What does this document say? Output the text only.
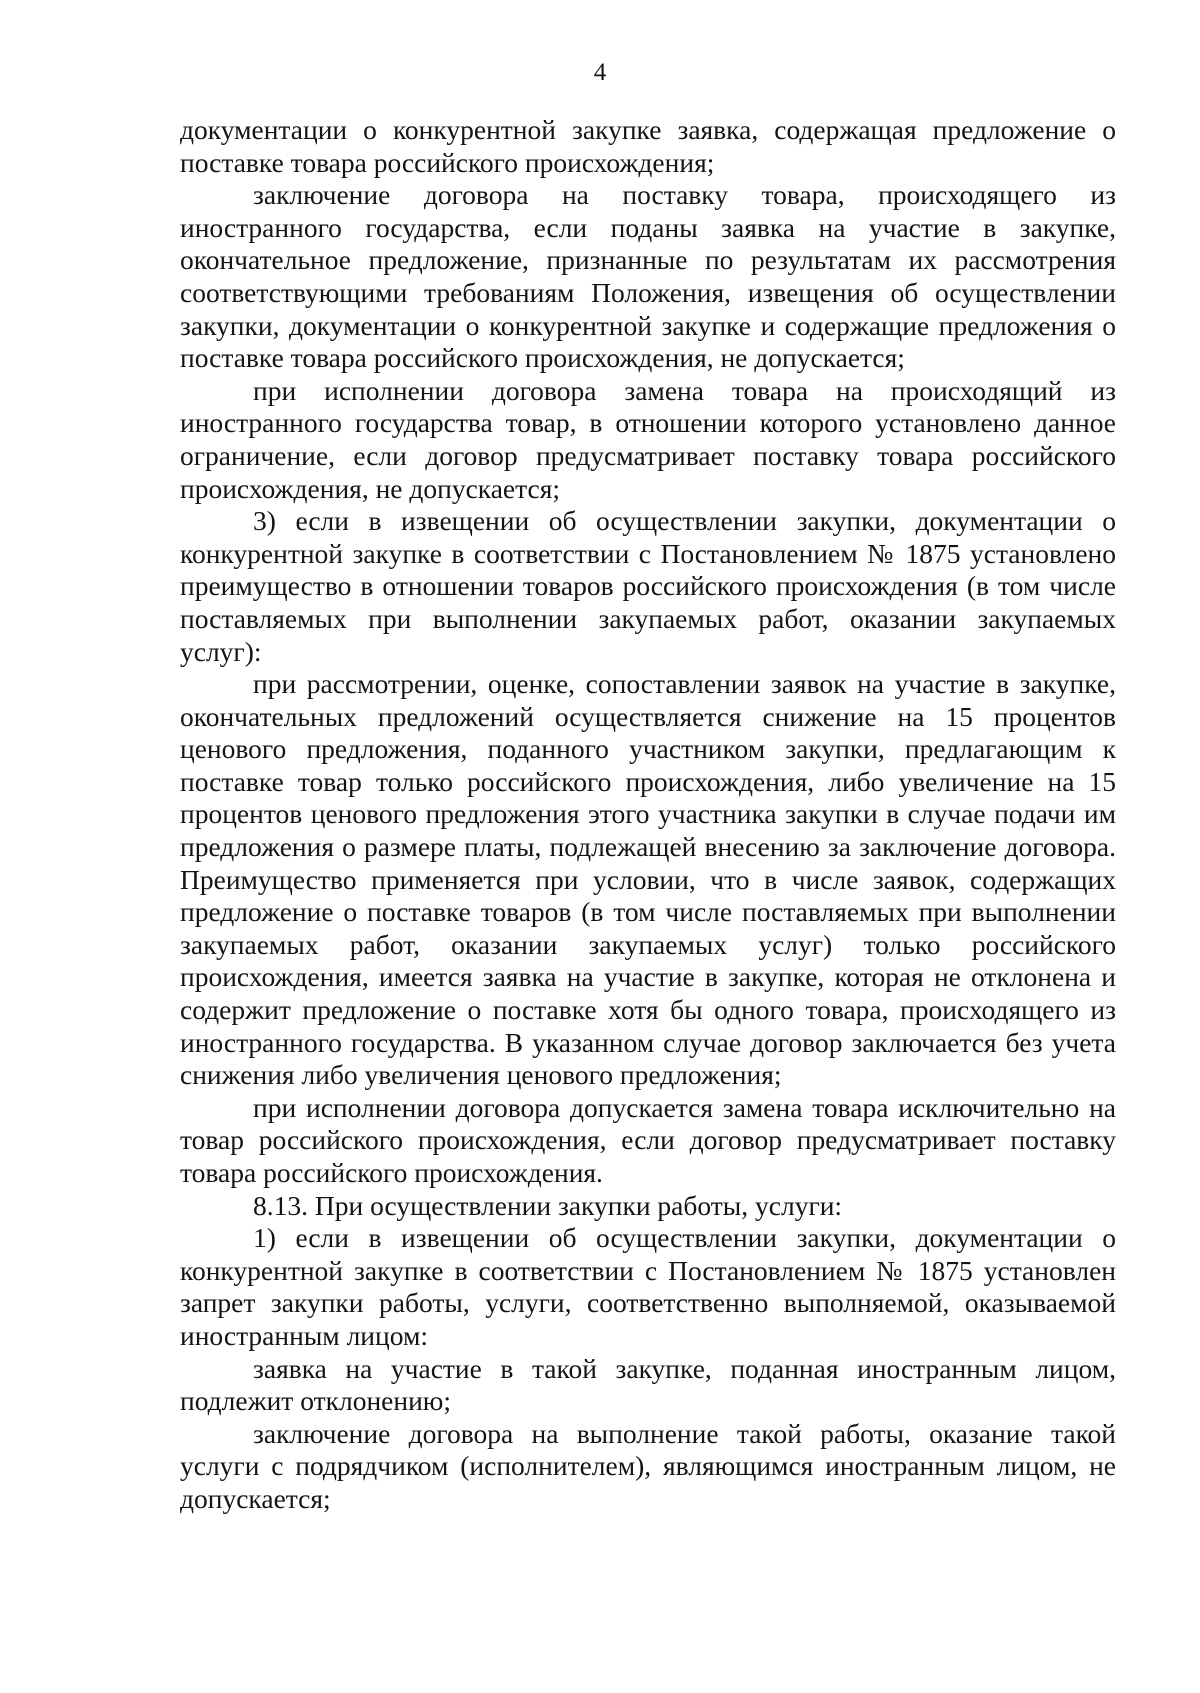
4

документации о конкурентной закупке заявка, содержащая предложение о поставке товара российского происхождения;

заключение договора на поставку товара, происходящего из иностранного государства, если поданы заявка на участие в закупке, окончательное предложение, признанные по результатам их рассмотрения соответствующими требованиям Положения, извещения об осуществлении закупки, документации о конкурентной закупке и содержащие предложения о поставке товара российского происхождения, не допускается;

при исполнении договора замена товара на происходящий из иностранного государства товар, в отношении которого установлено данное ограничение, если договор предусматривает поставку товара российского происхождения, не допускается;

3) если в извещении об осуществлении закупки, документации о конкурентной закупке в соответствии с Постановлением № 1875 установлено преимущество в отношении товаров российского происхождения (в том числе поставляемых при выполнении закупаемых работ, оказании закупаемых услуг):

при рассмотрении, оценке, сопоставлении заявок на участие в закупке, окончательных предложений осуществляется снижение на 15 процентов ценового предложения, поданного участником закупки, предлагающим к поставке товар только российского происхождения, либо увеличение на 15 процентов ценового предложения этого участника закупки в случае подачи им предложения о размере платы, подлежащей внесению за заключение договора. Преимущество применяется при условии, что в числе заявок, содержащих предложение о поставке товаров (в том числе поставляемых при выполнении закупаемых работ, оказании закупаемых услуг) только российского происхождения, имеется заявка на участие в закупке, которая не отклонена и содержит предложение о поставке хотя бы одного товара, происходящего из иностранного государства. В указанном случае договор заключается без учета снижения либо увеличения ценового предложения;

при исполнении договора допускается замена товара исключительно на товар российского происхождения, если договор предусматривает поставку товара российского происхождения.

8.13. При осуществлении закупки работы, услуги:

1) если в извещении об осуществлении закупки, документации о конкурентной закупке в соответствии с Постановлением № 1875 установлен запрет закупки работы, услуги, соответственно выполняемой, оказываемой иностранным лицом:

заявка на участие в такой закупке, поданная иностранным лицом, подлежит отклонению;

заключение договора на выполнение такой работы, оказание такой услуги с подрядчиком (исполнителем), являющимся иностранным лицом, не допускается;
